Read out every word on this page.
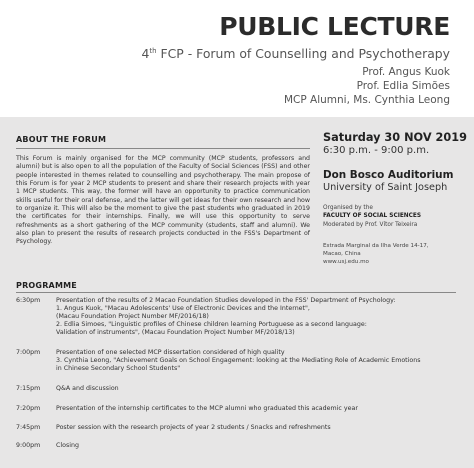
PUBLIC LECTURE
4th FCP - Forum of Counselling and Psychotherapy
Prof. Angus Kuok
Prof. Edlia Simões
MCP Alumni, Ms. Cynthia Leong
ABOUT THE FORUM
This Forum is mainly organised for the MCP community (MCP students, professors and alumni) but is also open to all the population of the Faculty of Social Sciences (FSS) and other people interested in themes related to counselling and psychotherapy. The main propose of this Forum is for year 2 MCP students to present and share their research projects with year 1 MCP students. This way, the former will have an opportunity to practice communication skills useful for their oral defense, and the latter will get ideas for their own research and how to organize it. This will also be the moment to give the past students who graduated in 2019 the certificates for their internships. Finally, we will use this opportunity to serve refreshments as a short gathering of the MCP community (students, staff and alumni). We also plan to present the results of research projects conducted in the FSS's Department of Psychology.
Saturday 30 NOV 2019
6:30 p.m. - 9:00 p.m.
Don Bosco Auditorium
University of Saint Joseph
Organised by the
FACULTY OF SOCIAL SCIENCES
Moderated by Prof. Vítor Teixeira
Estrada Marginal da Ilha Verde 14-17,
Macao, China
www.usj.edu.mo
PROGRAMME
6:30pm	Presentation of the results of 2 Macao Foundation Studies developed in the FSS' Department of Psychology:
1. Angus Kuok, "Macau Adolescents' Use of Electronic Devices and the Internet",
(Macau Foundation Project Number MF/2016/18)
2. Edlia Simoes, "Linguistic profiles of Chinese children learning Portuguese as a second language:
Validation of instruments", (Macau Foundation Project Number MF/2018/13)
7:00pm	Presentation of one selected MCP dissertation considered of high quality
3. Cynthia Leong, "Achievement Goals on School Engagement: looking at the Mediating Role of Academic Emotions
in Chinese Secondary School Students"
7:15pm	Q&A and discussion
7:20pm	Presentation of the internship certificates to the MCP alumni who graduated this academic year
7:45pm	Poster session with the research projects of year 2 students / Snacks and refreshments
9:00pm	Closing
